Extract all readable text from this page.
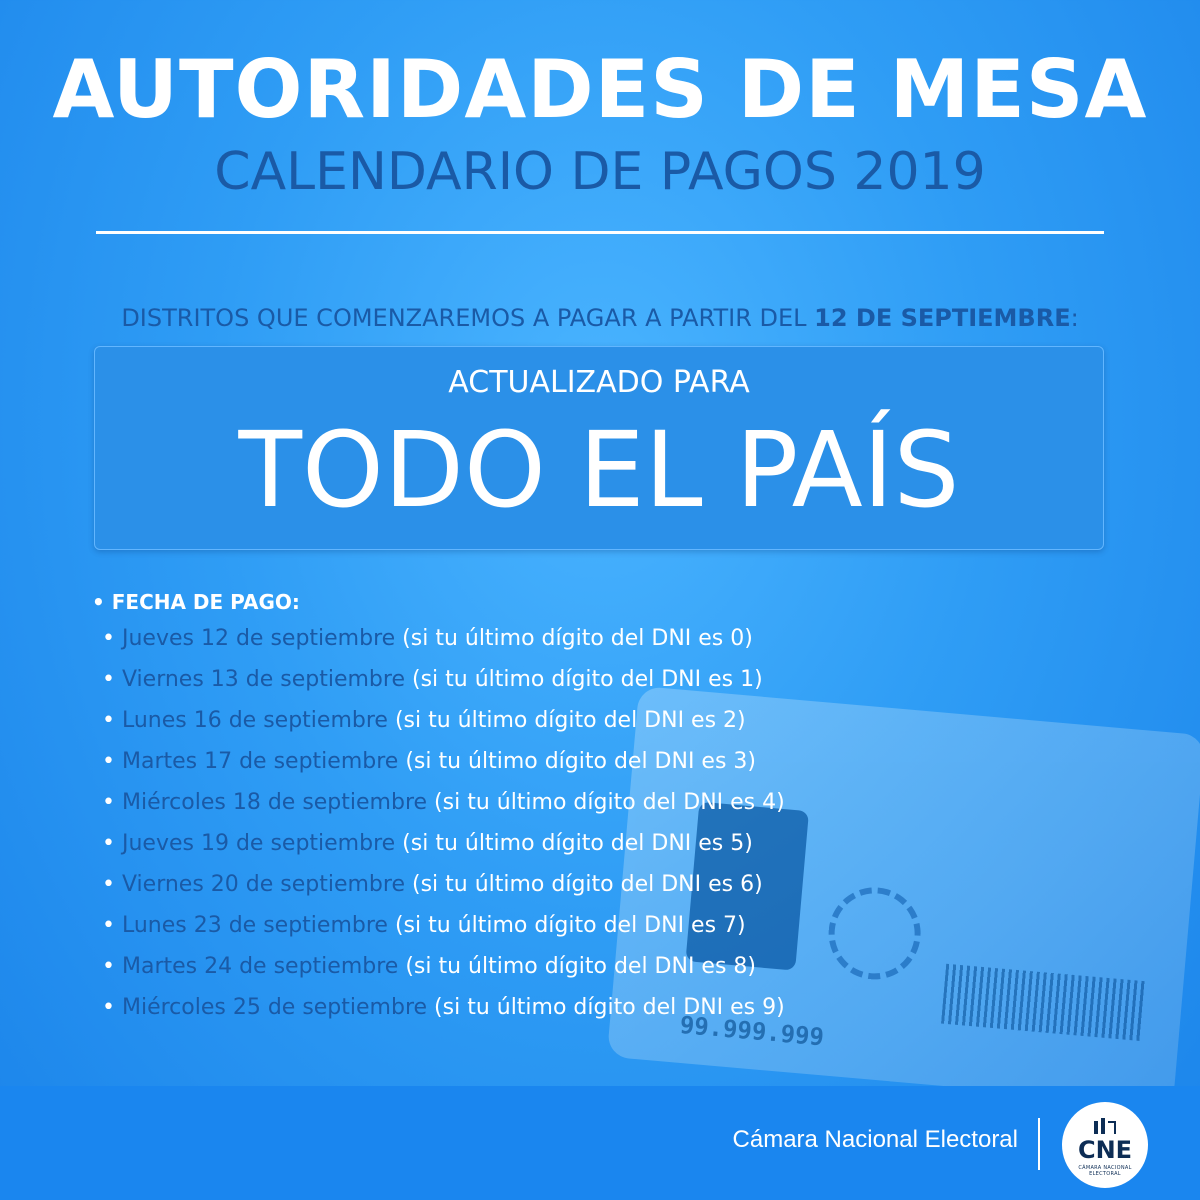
99.999.999
AUTORIDADES DE MESA
CALENDARIO DE PAGOS 2019
DISTRITOS QUE COMENZAREMOS A PAGAR A PARTIR DEL 12 DE SEPTIEMBRE:
ACTUALIZADO PARA
TODO EL PAÍS
• FECHA DE PAGO:
• Jueves 12 de septiembre (si tu último dígito del DNI es 0)
• Viernes 13 de septiembre (si tu último dígito del DNI es 1)
• Lunes 16 de septiembre (si tu último dígito del DNI es 2)
• Martes 17 de septiembre (si tu último dígito del DNI es 3)
• Miércoles 18 de septiembre (si tu último dígito del DNI es 4)
• Jueves 19 de septiembre (si tu último dígito del DNI es 5)
• Viernes 20 de septiembre (si tu último dígito del DNI es 6)
• Lunes 23 de septiembre (si tu último dígito del DNI es 7)
• Martes 24 de septiembre (si tu último dígito del DNI es 8)
• Miércoles 25 de septiembre (si tu último dígito del DNI es 9)
Cámara Nacional Electoral	CNE
CÁMARA NACIONAL ELECTORAL
